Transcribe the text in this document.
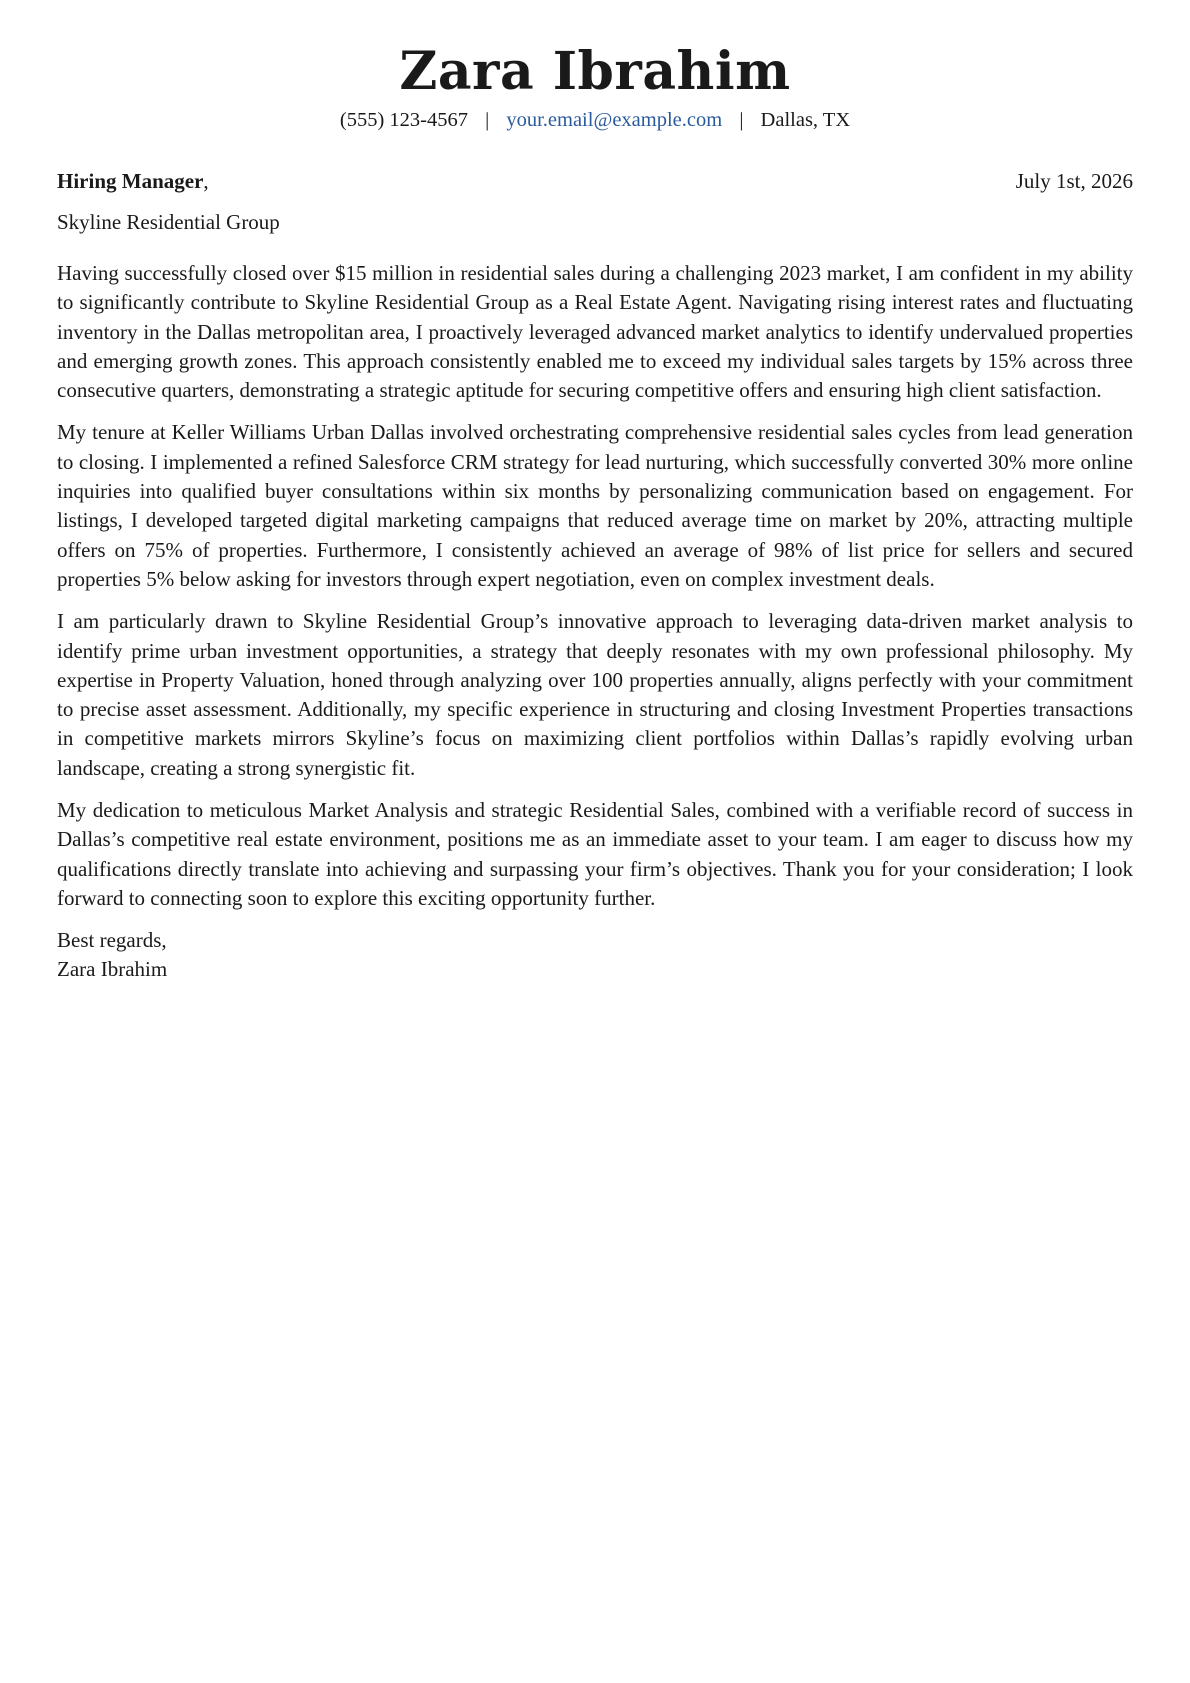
Zara Ibrahim
(555) 123-4567 | your.email@example.com | Dallas, TX
Hiring Manager,	July 1st, 2026
Skyline Residential Group

Having successfully closed over $15 million in residential sales during a challenging 2023 market, I am confident in my ability to significantly contribute to Skyline Residential Group as a Real Estate Agent. Navigating rising interest rates and fluctuating inventory in the Dallas metropolitan area, I proactively leveraged advanced market analytics to identify undervalued properties and emerging growth zones. This approach consistently enabled me to exceed my individual sales targets by 15% across three consecutive quarters, demonstrating a strategic aptitude for securing competitive offers and ensuring high client satisfaction.

My tenure at Keller Williams Urban Dallas involved orchestrating comprehensive residential sales cycles from lead generation to closing. I implemented a refined Salesforce CRM strategy for lead nurturing, which successfully converted 30% more online inquiries into qualified buyer consultations within six months by personalizing communication based on engagement. For listings, I developed targeted digital marketing campaigns that reduced average time on market by 20%, attracting multiple offers on 75% of properties. Furthermore, I consistently achieved an average of 98% of list price for sellers and secured properties 5% below asking for investors through expert negotiation, even on complex investment deals.

I am particularly drawn to Skyline Residential Group’s innovative approach to leveraging data-driven market analysis to identify prime urban investment opportunities, a strategy that deeply resonates with my own professional philosophy. My expertise in Property Valuation, honed through analyzing over 100 properties annually, aligns perfectly with your commitment to precise asset assessment. Additionally, my specific experience in structuring and closing Investment Properties transactions in competitive markets mirrors Skyline’s focus on maximizing client portfolios within Dallas’s rapidly evolving urban landscape, creating a strong synergistic fit.

My dedication to meticulous Market Analysis and strategic Residential Sales, combined with a verifiable record of success in Dallas’s competitive real estate environment, positions me as an immediate asset to your team. I am eager to discuss how my qualifications directly translate into achieving and surpassing your firm’s objectives. Thank you for your consideration; I look forward to connecting soon to explore this exciting opportunity further.

Best regards,
Zara Ibrahim
